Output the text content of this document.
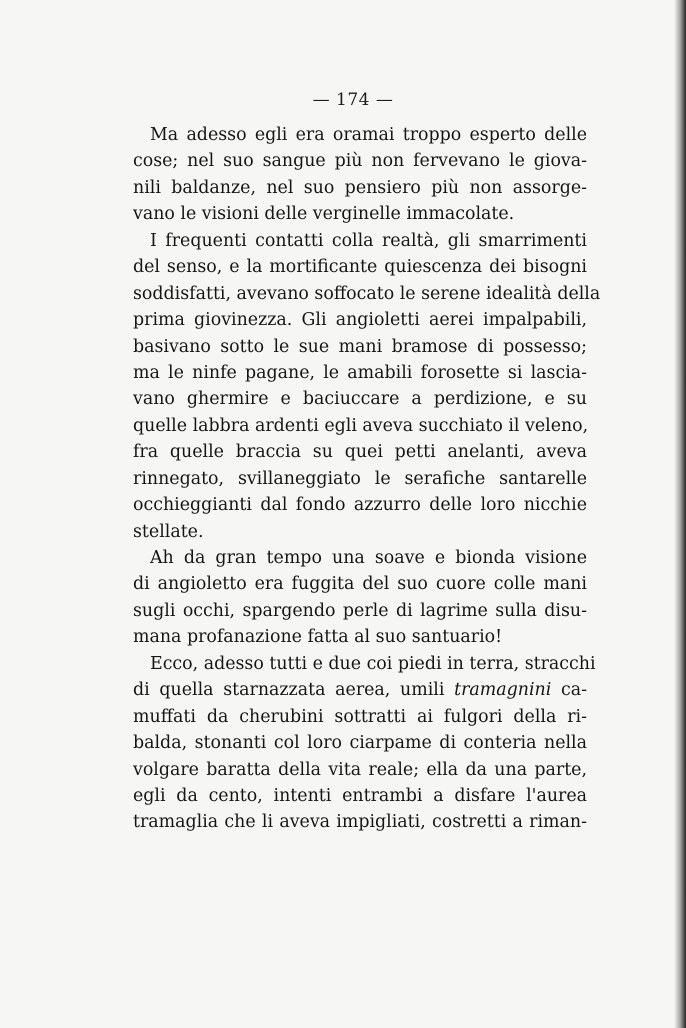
— 174 —
Ma adesso egli era oramai troppo esperto delle
cose; nel suo sangue più non fervevano le giova-
nili baldanze, nel suo pensiero più non assorge-
vano le visioni delle verginelle immacolate.
I frequenti contatti colla realtà, gli smarrimenti
del senso, e la mortificante quiescenza dei bisogni
soddisfatti, avevano soffocato le serene idealità della
prima giovinezza. Gli angioletti aerei impalpabili,
basivano sotto le sue mani bramose di possesso;
ma le ninfe pagane, le amabili forosette si lascia-
vano ghermire e baciuccare a perdizione, e su
quelle labbra ardenti egli aveva succhiato il veleno,
fra quelle braccia su quei petti anelanti, aveva
rinnegato, svillaneggiato le serafiche santarelle
occhieggianti dal fondo azzurro delle loro nicchie
stellate.
Ah da gran tempo una soave e bionda visione
di angioletto era fuggita del suo cuore colle mani
sugli occhi, spargendo perle di lagrime sulla disu-
mana profanazione fatta al suo santuario!
Ecco, adesso tutti e due coi piedi in terra, stracchi
di quella starnazzata aerea, umili tramagnini ca-
muffati da cherubini sottratti ai fulgori della ri-
balda, stonanti col loro ciarpame di conteria nella
volgare baratta della vita reale; ella da una parte,
egli da cento, intenti entrambi a disfare l'aurea
tramaglia che li aveva impigliati, costretti a riman-
